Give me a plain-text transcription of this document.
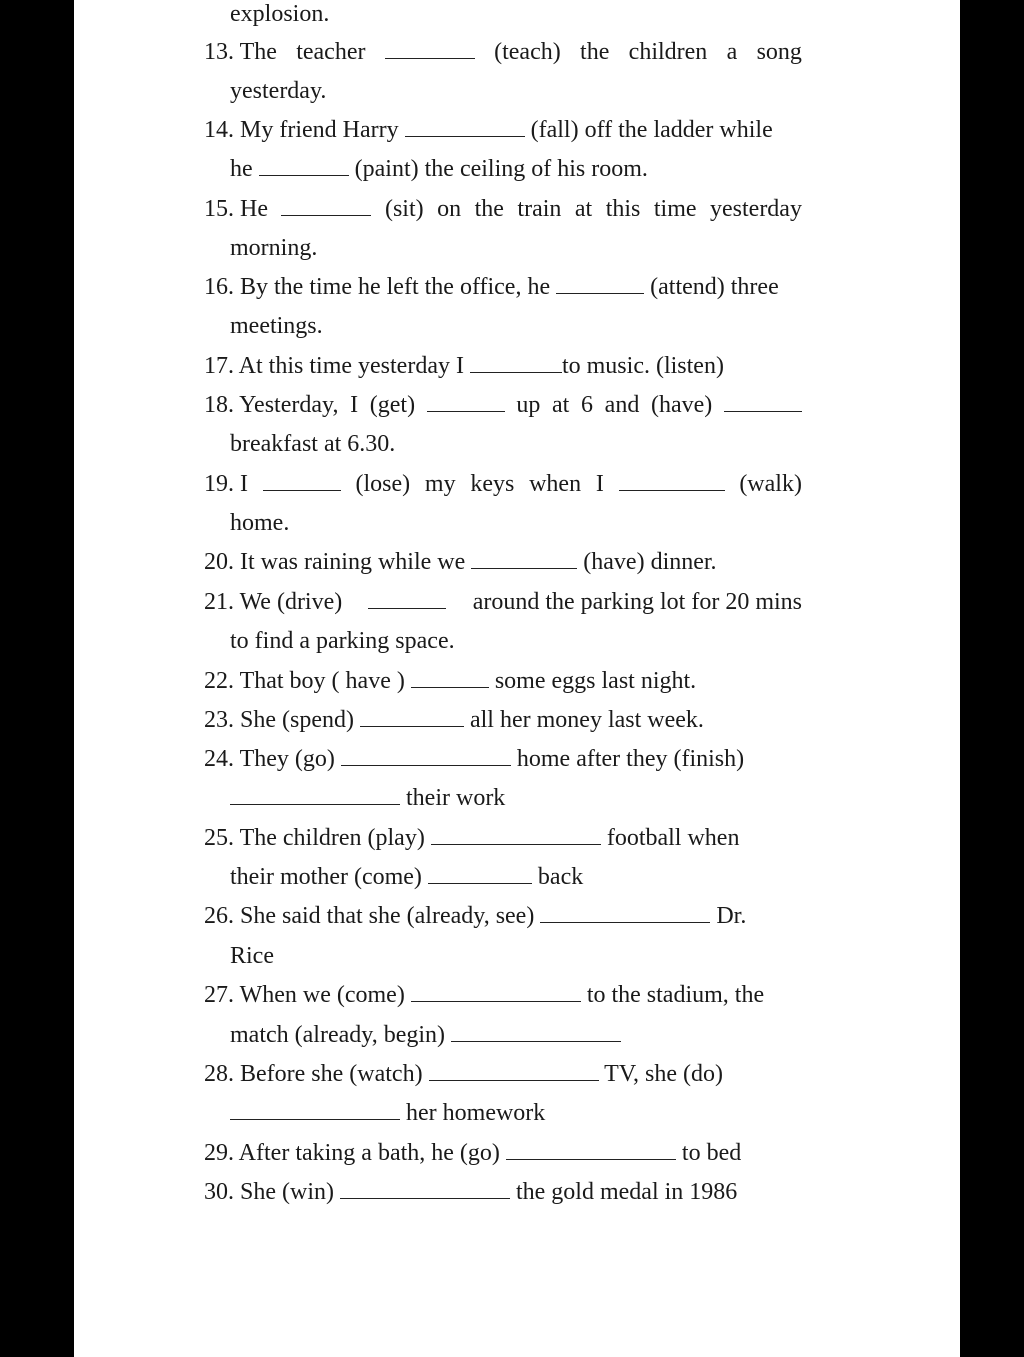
explosion.
13. The teacher	(teach) the children a song
yesterday.
14. My friend Harry	(fall) off the ladder while
he	(paint) the ceiling of his room.
15. He	(sit) on the train at this time yesterday
morning.
16. By the time he left the office, he	(attend) three
meetings.
17. At this time yesterday I	to music. (listen)
18. Yesterday, I (get)	up at 6 and (have)
breakfast at 6.30.
19. I	(lose) my keys when I	(walk)
home.
20. It was raining while we	(have) dinner.
21. We (drive)	around the parking lot for 20 mins
to find a parking space.
22. That boy ( have )	some eggs last night.
23. She (spend)	all her money last week.
24. They (go)	home after they (finish)
their work
25. The children (play)	football when
their mother (come)	back
26. She said that she (already, see)	Dr.
Rice
27. When we (come)	to the stadium, the
match (already, begin)
28. Before she (watch)	TV, she (do)
her homework
29. After taking a bath, he (go)	to bed
30. She (win)	the gold medal in 1986
